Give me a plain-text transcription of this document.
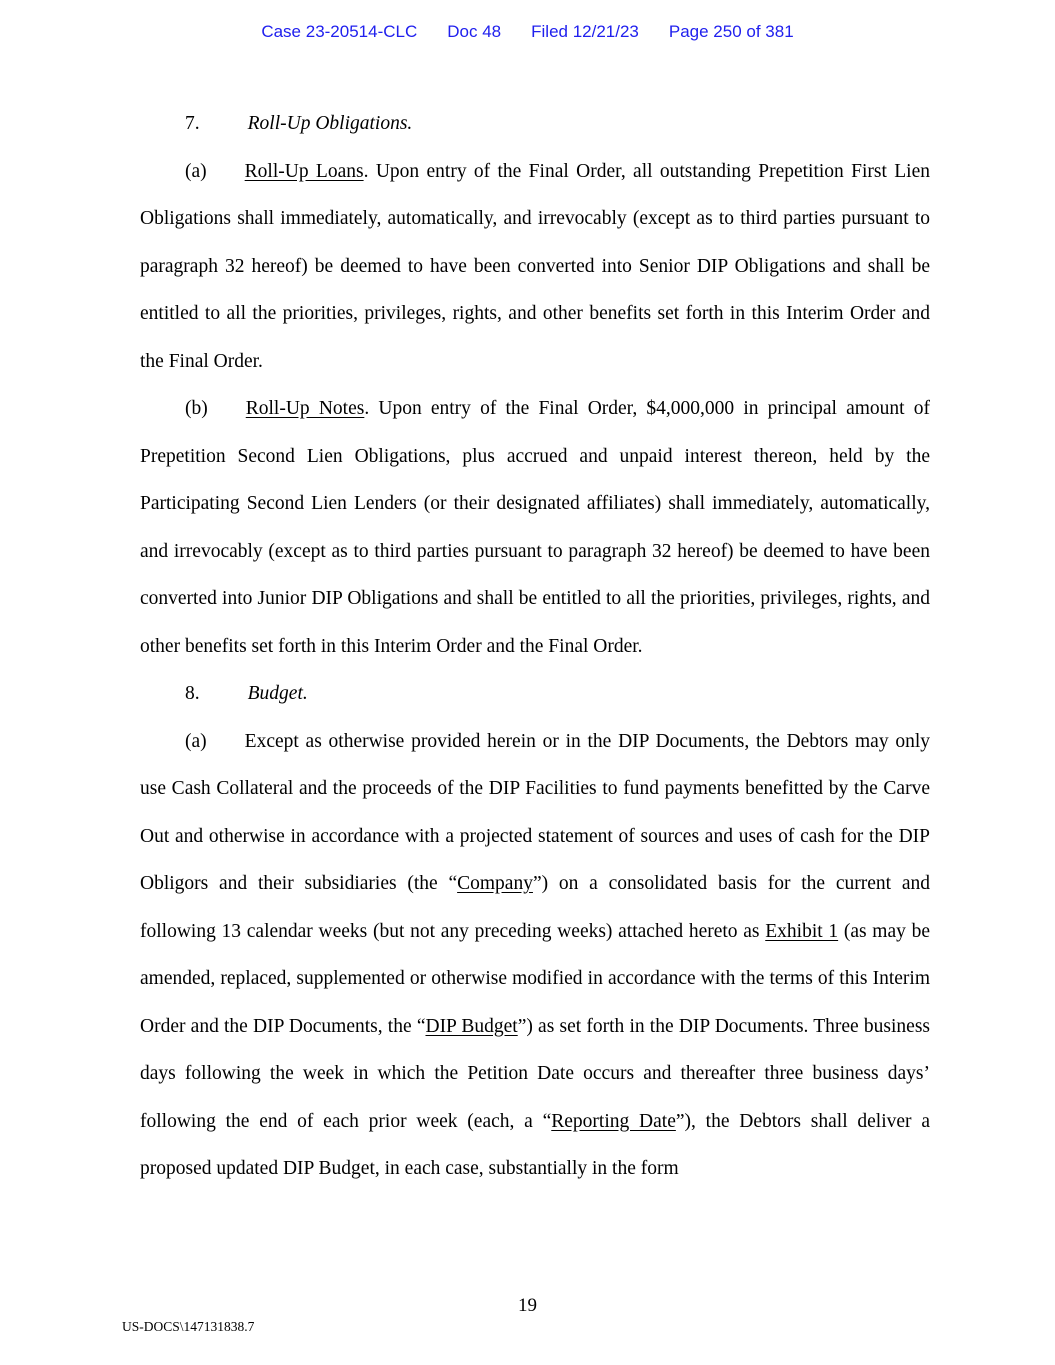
Case 23-20514-CLC Doc 48 Filed 12/21/23 Page 250 of 381

7. Roll-Up Obligations.

(a) Roll-Up Loans. Upon entry of the Final Order, all outstanding Prepetition First Lien Obligations shall immediately, automatically, and irrevocably (except as to third parties pursuant to paragraph 32 hereof) be deemed to have been converted into Senior DIP Obligations and shall be entitled to all the priorities, privileges, rights, and other benefits set forth in this Interim Order and the Final Order.

(b) Roll-Up Notes. Upon entry of the Final Order, $4,000,000 in principal amount of Prepetition Second Lien Obligations, plus accrued and unpaid interest thereon, held by the Participating Second Lien Lenders (or their designated affiliates) shall immediately, automatically, and irrevocably (except as to third parties pursuant to paragraph 32 hereof) be deemed to have been converted into Junior DIP Obligations and shall be entitled to all the priorities, privileges, rights, and other benefits set forth in this Interim Order and the Final Order.

8. Budget.

(a) Except as otherwise provided herein or in the DIP Documents, the Debtors may only use Cash Collateral and the proceeds of the DIP Facilities to fund payments benefitted by the Carve Out and otherwise in accordance with a projected statement of sources and uses of cash for the DIP Obligors and their subsidiaries (the “Company”) on a consolidated basis for the current and following 13 calendar weeks (but not any preceding weeks) attached hereto as Exhibit 1 (as may be amended, replaced, supplemented or otherwise modified in accordance with the terms of this Interim Order and the DIP Documents, the “DIP Budget”) as set forth in the DIP Documents. Three business days following the week in which the Petition Date occurs and thereafter three business days’ following the end of each prior week (each, a “Reporting Date”), the Debtors shall deliver a proposed updated DIP Budget, in each case, substantially in the form

19
US-DOCS\147131838.7
